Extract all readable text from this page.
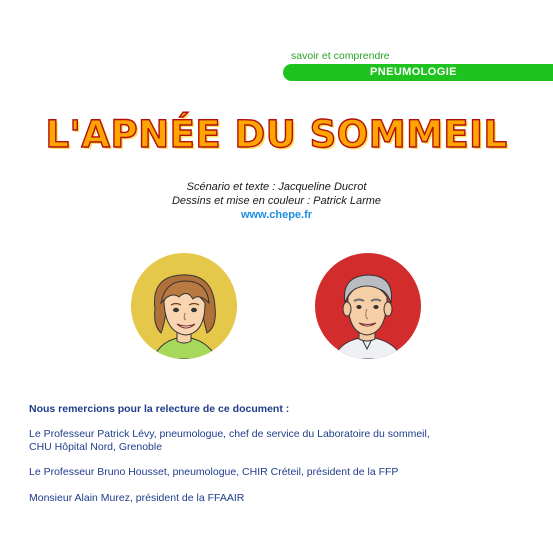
savoir et comprendre
PNEUMOLOGIE
L'APNÉE DU SOMMEIL
Scénario et texte : Jacqueline Ducrot
Dessins et mise en couleur : Patrick Larme
www.chepe.fr
Nous remercions pour la relecture de ce document :
Le Professeur Patrick Lévy, pneumologue, chef de service du Laboratoire du sommeil,
CHU Hôpital Nord, Grenoble
Le Professeur Bruno Housset, pneumologue, CHIR Créteil, président de la FFP
Monsieur Alain Murez, président de la FFAAIR
